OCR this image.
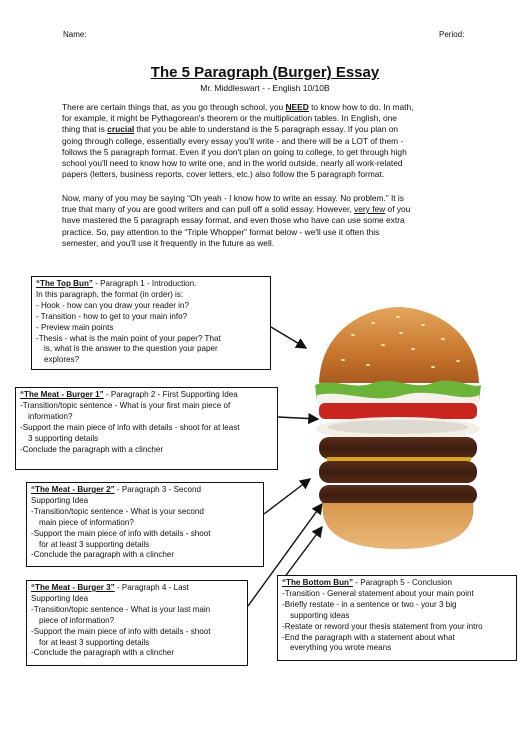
Name:	Period:
The 5 Paragraph (Burger) Essay
Mr. Middleswart - - English 10/10B
There are certain things that, as you go through school, you NEED to know how to do. In math,
for example, it might be Pythagorean's theorem or the multiplication tables. In English, one
thing that is crucial that you be able to understand is the 5 paragraph essay. If you plan on
going through college, essentially every essay you'll write - and there will be a LOT of them -
follows the 5 paragraph format. Even if you don't plan on going to college, to get through high
school you'll need to know how to write one, and in the world outside, nearly all work-related
papers (letters, business reports, cover letters, etc.) also follow the 5 paragraph format.
Now, many of you may be saying “Oh yeah - I know how to write an essay. No problem.” It is
true that many of you are good writers and can pull off a solid essay. However, very few of you
have mastered the 5 paragraph essay format, and even those who have can use some extra
practice. So, pay attention to the “Triple Whopper” format below - we'll use it often this
semester, and you'll use it frequently in the future as well.
“The Top Bun” - Paragraph 1 - Introduction.
In this paragraph, the format (in order) is:
- Hook - how can you draw your reader in?
- Transition - how to get to your main info?
- Preview main points
-Thesis - what is the main point of your paper? That
is, what is the answer to the question your paper
explores?
“The Meat - Burger 1” - Paragraph 2 - First Supporting Idea
-Transition/topic sentence - What is your first main piece of
information?
-Support the main piece of info with details - shoot for at least
3 supporting details
-Conclude the paragraph with a clincher
“The Meat - Burger 2” - Paragraph 3 - Second
Supporting Idea
-Transition/topic sentence - What is your second
main piece of information?
-Support the main piece of info with details - shoot
for at least 3 supporting details
-Conclude the paragraph with a clincher
“The Meat - Burger 3” - Paragraph 4 - Last
Supporting Idea
-Transition/topic sentence - What is your last main
piece of information?
-Support the main piece of info with details - shoot
for at least 3 supporting details
-Conclude the paragraph with a clincher
“The Bottom Bun” - Paragraph 5 - Conclusion
-Transition - General statement about your main point
-Briefly restate - in a sentence or two - your 3 big
supporting ideas
-Restate or reword your thesis statement from your intro
-End the paragraph with a statement about what
everything you wrote means
